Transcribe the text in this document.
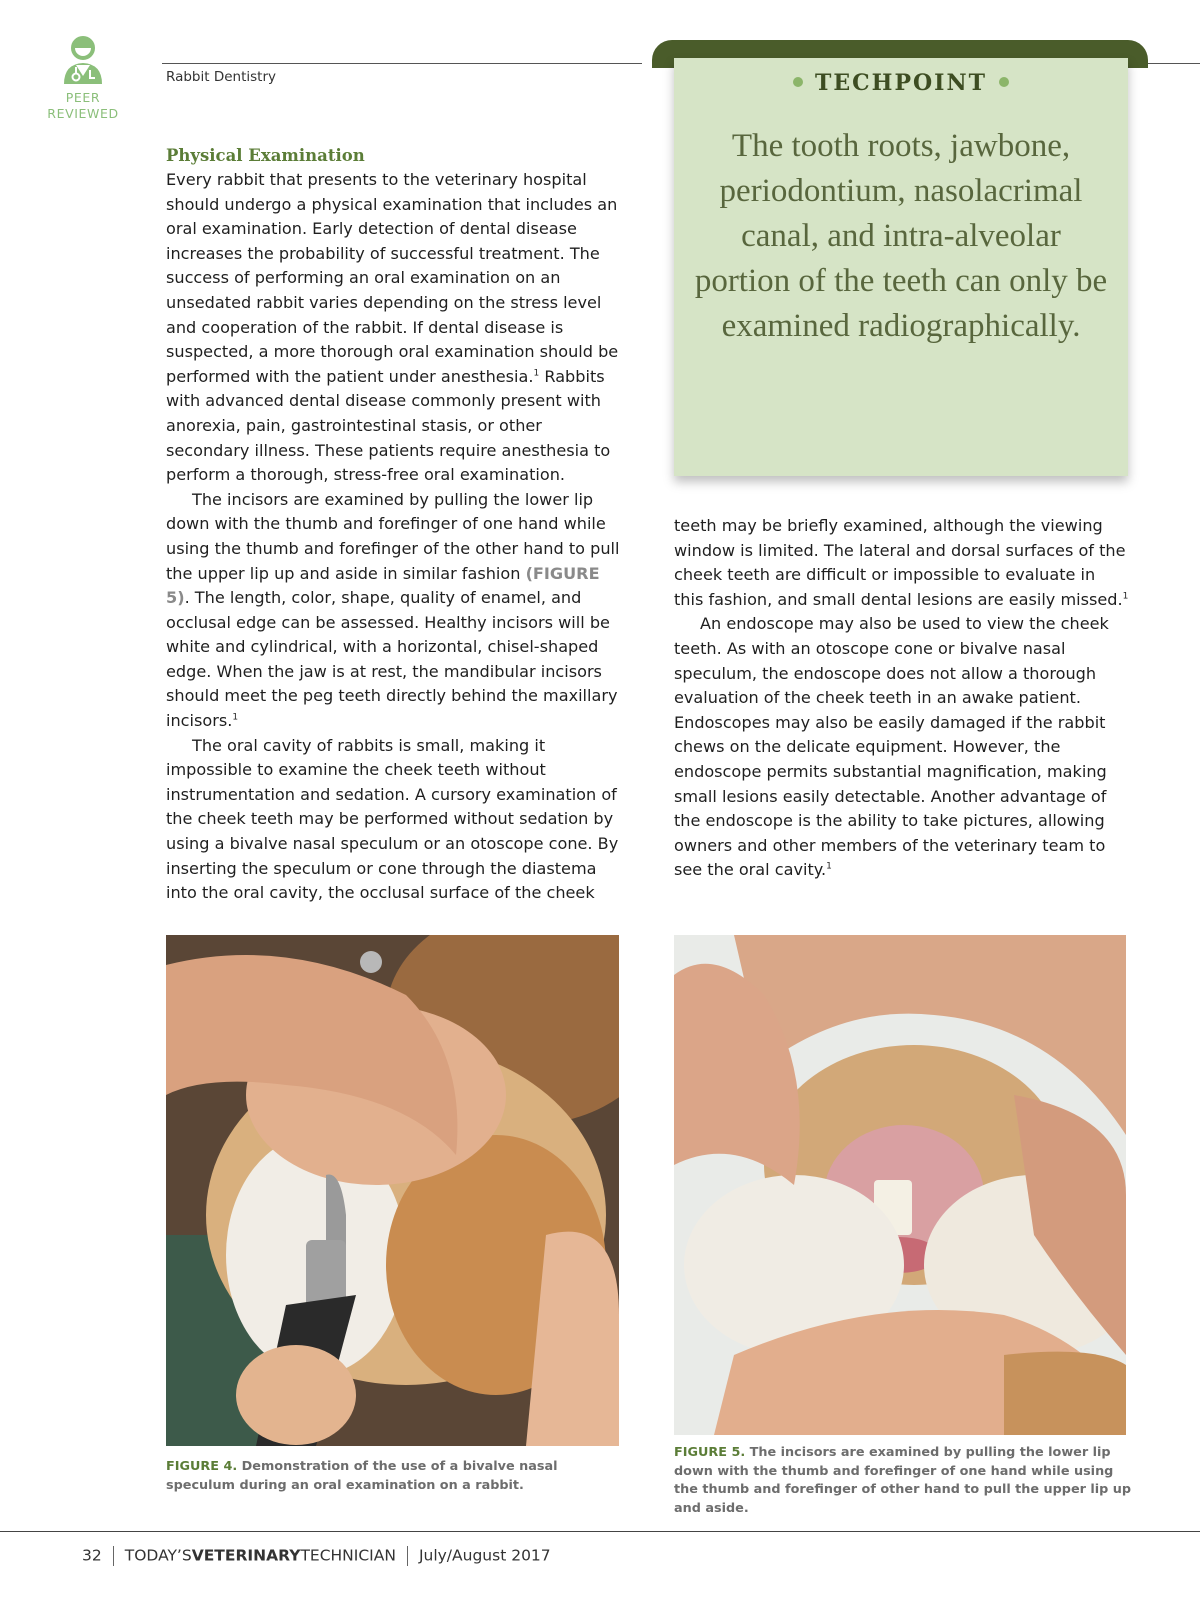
PEER
REVIEWED
Rabbit Dentistry	TECHPOINT
The tooth roots, jawbone, periodontium, nasolacrimal canal, and intra-alveolar portion of the teeth can only be examined radiographically.
Physical Examination

Every rabbit that presents to the veterinary hospital should undergo a physical examination that includes an oral examination. Early detection of dental disease increases the probability of successful treatment. The success of performing an oral examination on an unsedated rabbit varies depending on the stress level and cooperation of the rabbit. If dental disease is suspected, a more thorough oral examination should be performed with the patient under anesthesia.$^1$ Rabbits with advanced dental disease commonly present with anorexia, pain, gastrointestinal stasis, or other secondary illness. These patients require anesthesia to perform a thorough, stress-free oral examination.

The incisors are examined by pulling the lower lip down with the thumb and forefinger of one hand while using the thumb and forefinger of the other hand to pull the upper lip up and aside in similar fashion (FIGURE 5). The length, color, shape, quality of enamel, and occlusal edge can be assessed. Healthy incisors will be white and cylindrical, with a horizontal, chisel-shaped edge. When the jaw is at rest, the mandibular incisors should meet the peg teeth directly behind the maxillary incisors.$^1$

The oral cavity of rabbits is small, making it impossible to examine the cheek teeth without instrumentation and sedation. A cursory examination of the cheek teeth may be performed without sedation by using a bivalve nasal speculum or an otoscope cone. By inserting the speculum or cone through the diastema into the oral cavity, the occlusal surface of the cheek

teeth may be briefly examined, although the viewing window is limited. The lateral and dorsal surfaces of the cheek teeth are difficult or impossible to evaluate in this fashion, and small dental lesions are easily missed.$^1$

An endoscope may also be used to view the cheek teeth. As with an otoscope cone or bivalve nasal speculum, the endoscope does not allow a thorough evaluation of the cheek teeth in an awake patient. Endoscopes may also be easily damaged if the rabbit chews on the delicate equipment. However, the endoscope permits substantial magnification, making small lesions easily detectable. Another advantage of the endoscope is the ability to take pictures, allowing owners and other members of the veterinary team to see the oral cavity.$^1$

FIGURE 4. Demonstration of the use of a bivalve nasal speculum during an oral examination on a rabbit.
FIGURE 5. The incisors are examined by pulling the lower lip down with the thumb and forefinger of one hand while using the thumb and forefinger of other hand to pull the upper lip up and aside.
32 TODAY’SVETERINARYTECHNICIAN July/August 2017
